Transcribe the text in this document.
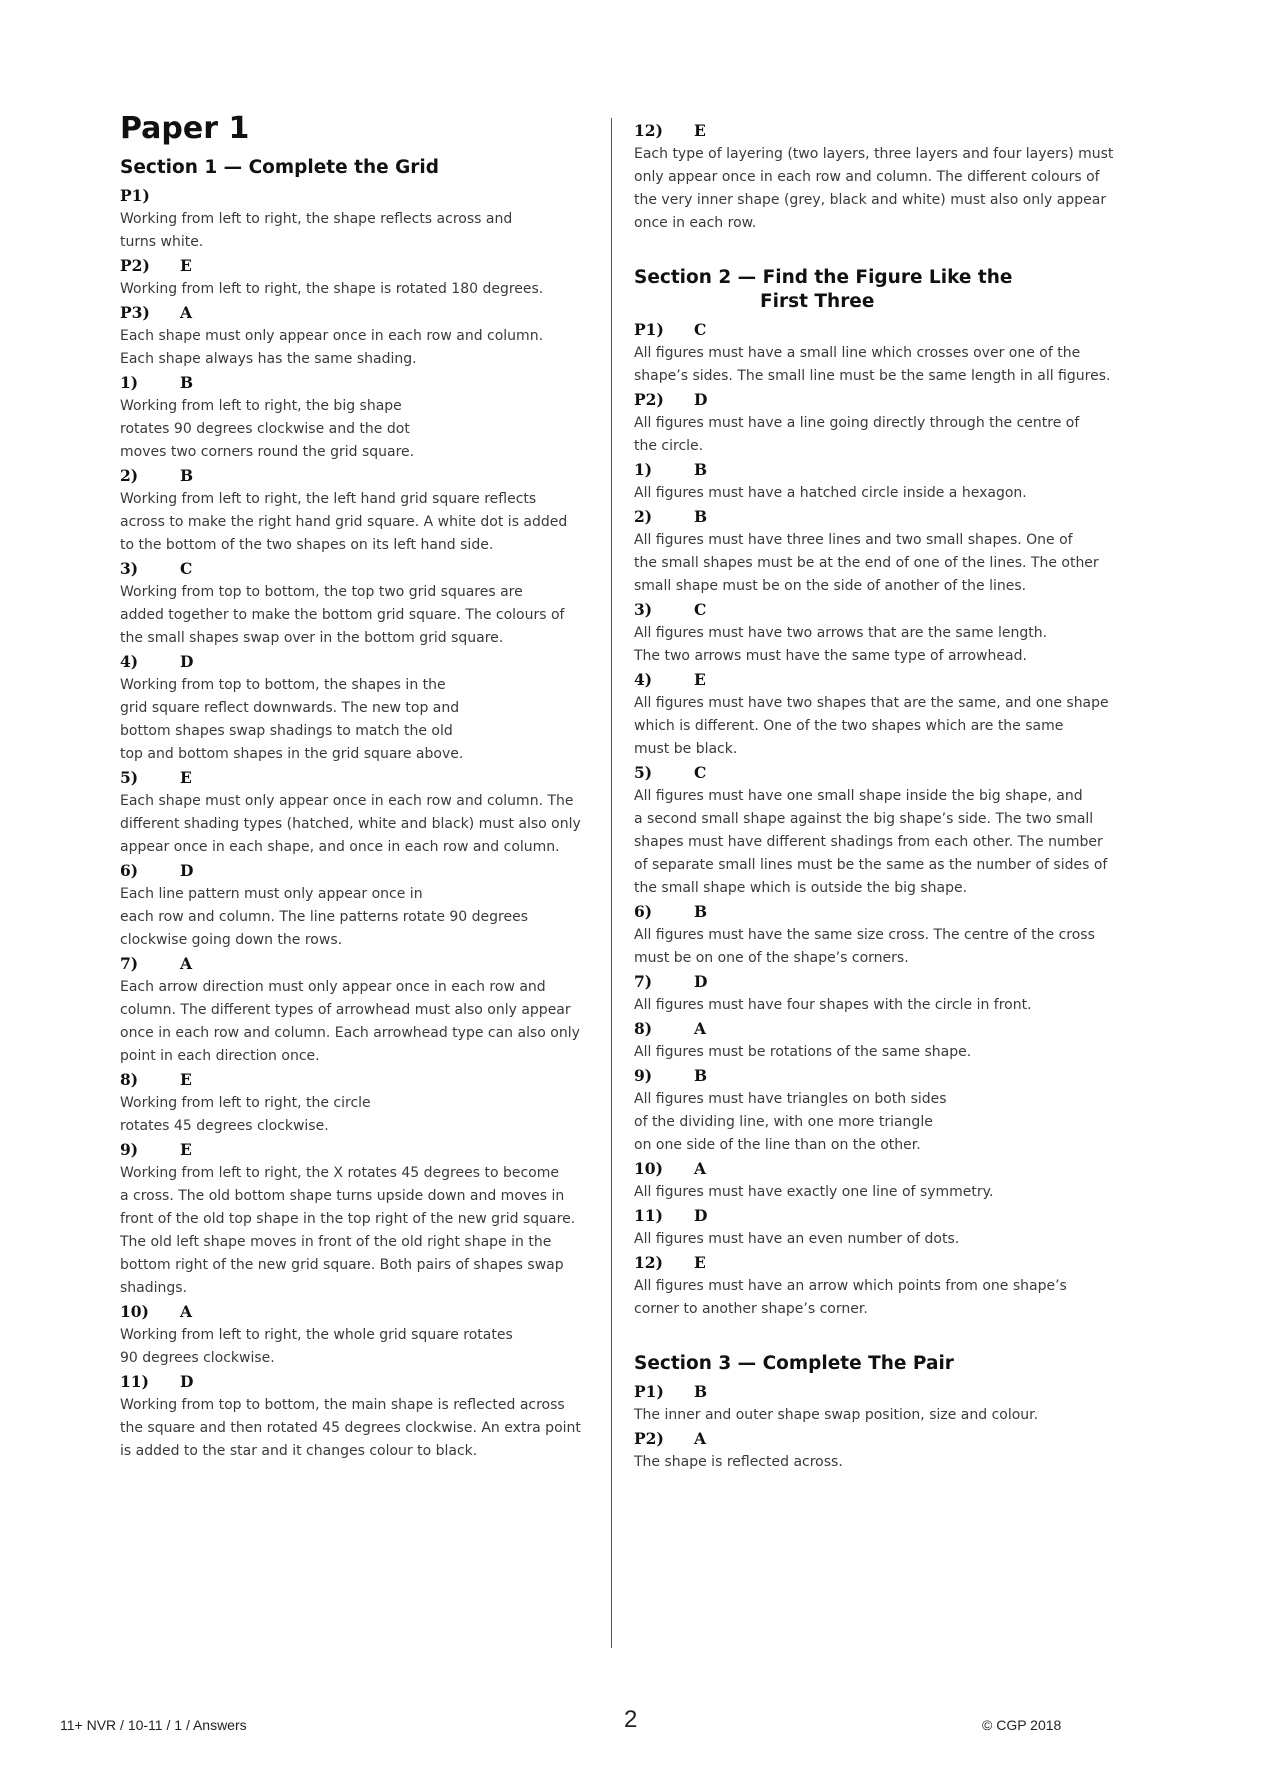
Paper 1
Section 1 — Complete the Grid
P1)

Working from left to right, the shape reflects across and
turns white.

P2) E

Working from left to right, the shape is rotated 180 degrees.

P3) A

Each shape must only appear once in each row and column.
Each shape always has the same shading.

1)	B

Working from left to right, the big shape
rotates 90 degrees clockwise and the dot
moves two corners round the grid square.

2)	B

Working from left to right, the left hand grid square reflects
across to make the right hand grid square. A white dot is added
to the bottom of the two shapes on its left hand side.

3)	C

Working from top to bottom, the top two grid squares are
added together to make the bottom grid square. The colours of
the small shapes swap over in the bottom grid square.

4)	D

Working from top to bottom, the shapes in the
grid square reflect downwards. The new top and
bottom shapes swap shadings to match the old
top and bottom shapes in the grid square above.

5)	E

Each shape must only appear once in each row and column. The
different shading types (hatched, white and black) must also only
appear once in each shape, and once in each row and column.

6)	D

Each line pattern must only appear once in
each row and column. The line patterns rotate 90 degrees
clockwise going down the rows.

7)	A

Each arrow direction must only appear once in each row and
column. The different types of arrowhead must also only appear
once in each row and column. Each arrowhead type can also only
point in each direction once.

8)	E

Working from left to right, the circle
rotates 45 degrees clockwise.

9)	E

Working from left to right, the X rotates 45 degrees to become
a cross. The old bottom shape turns upside down and moves in
front of the old top shape in the top right of the new grid square.
The old left shape moves in front of the old right shape in the
bottom right of the new grid square. Both pairs of shapes swap
shadings.

10) A

Working from left to right, the whole grid square rotates
90 degrees clockwise.

11) D

Working from top to bottom, the main shape is reflected across
the square and then rotated 45 degrees clockwise. An extra point
is added to the star and it changes colour to black.

12) E

Each type of layering (two layers, three layers and four layers) must
only appear once in each row and column. The different colours of
the very inner shape (grey, black and white) must also only appear
once in each row.

Section 2 — Find the Figure Like the
First Three
P1) C

All figures must have a small line which crosses over one of the
shape’s sides. The small line must be the same length in all figures.

P2) D

All figures must have a line going directly through the centre of
the circle.

1)	B

All figures must have a hatched circle inside a hexagon.

2)	B

All figures must have three lines and two small shapes. One of
the small shapes must be at the end of one of the lines. The other
small shape must be on the side of another of the lines.

3)	C

All figures must have two arrows that are the same length.
The two arrows must have the same type of arrowhead.

4)	E

All figures must have two shapes that are the same, and one shape
which is different. One of the two shapes which are the same
must be black.

5)	C

All figures must have one small shape inside the big shape, and
a second small shape against the big shape’s side. The two small
shapes must have different shadings from each other. The number
of separate small lines must be the same as the number of sides of
the small shape which is outside the big shape.

6)	B

All figures must have the same size cross. The centre of the cross
must be on one of the shape’s corners.

7)	D

All figures must have four shapes with the circle in front.

8)	A

All figures must be rotations of the same shape.

9)	B

All figures must have triangles on both sides
of the dividing line, with one more triangle
on one side of the line than on the other.

10) A

All figures must have exactly one line of symmetry.

11) D

All figures must have an even number of dots.

12) E

All figures must have an arrow which points from one shape’s
corner to another shape’s corner.

Section 3 — Complete The Pair
P1) B

The inner and outer shape swap position, size and colour.

P2) A

The shape is reflected across.

11+ NVR / 10-11 / 1 / Answers	2	© CGP 2018
